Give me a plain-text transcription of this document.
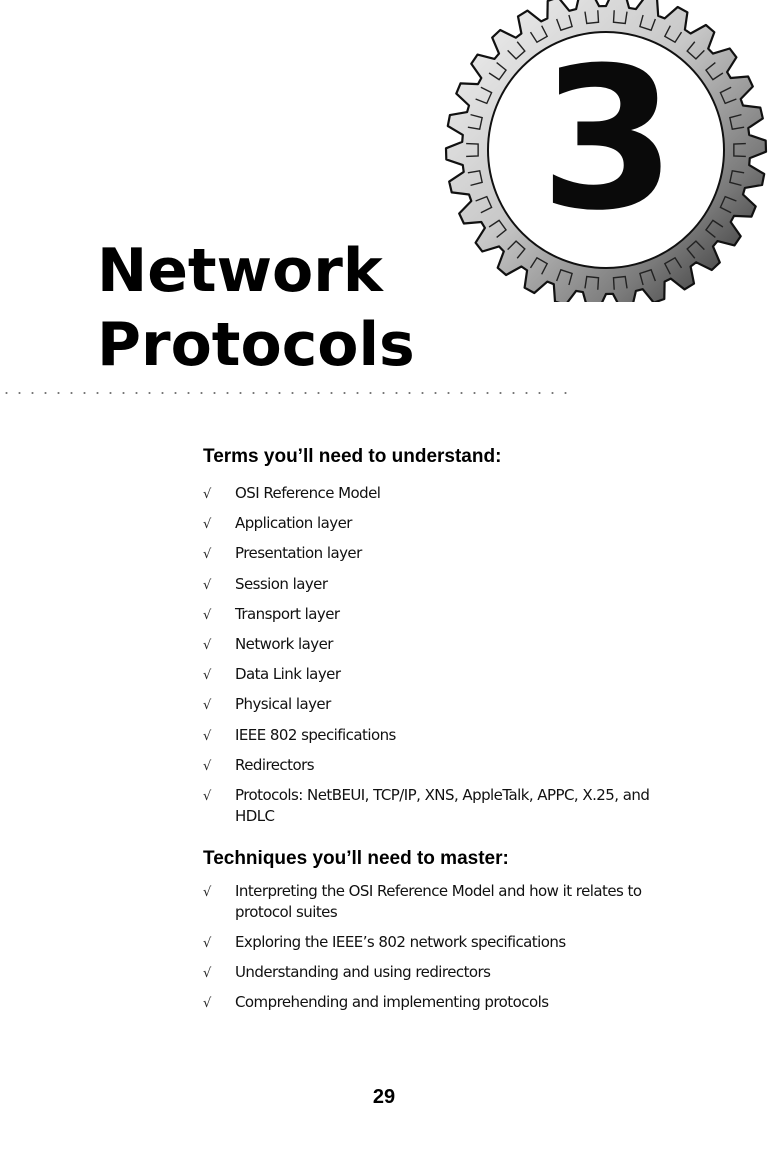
3
Network
Protocols
Terms you’ll need to understand:
√	OSI Reference Model
√	Application layer
√	Presentation layer
√	Session layer
√	Transport layer
√	Network layer
√	Data Link layer
√	Physical layer
√	IEEE 802 specifications
√	Redirectors
√	Protocols: NetBEUI, TCP/IP, XNS, AppleTalk, APPC, X.25, and HDLC
Techniques you’ll need to master:
√	Interpreting the OSI Reference Model and how it relates to protocol suites
√	Exploring the IEEE’s 802 network specifications
√	Understanding and using redirectors
√	Comprehending and implementing protocols
29
